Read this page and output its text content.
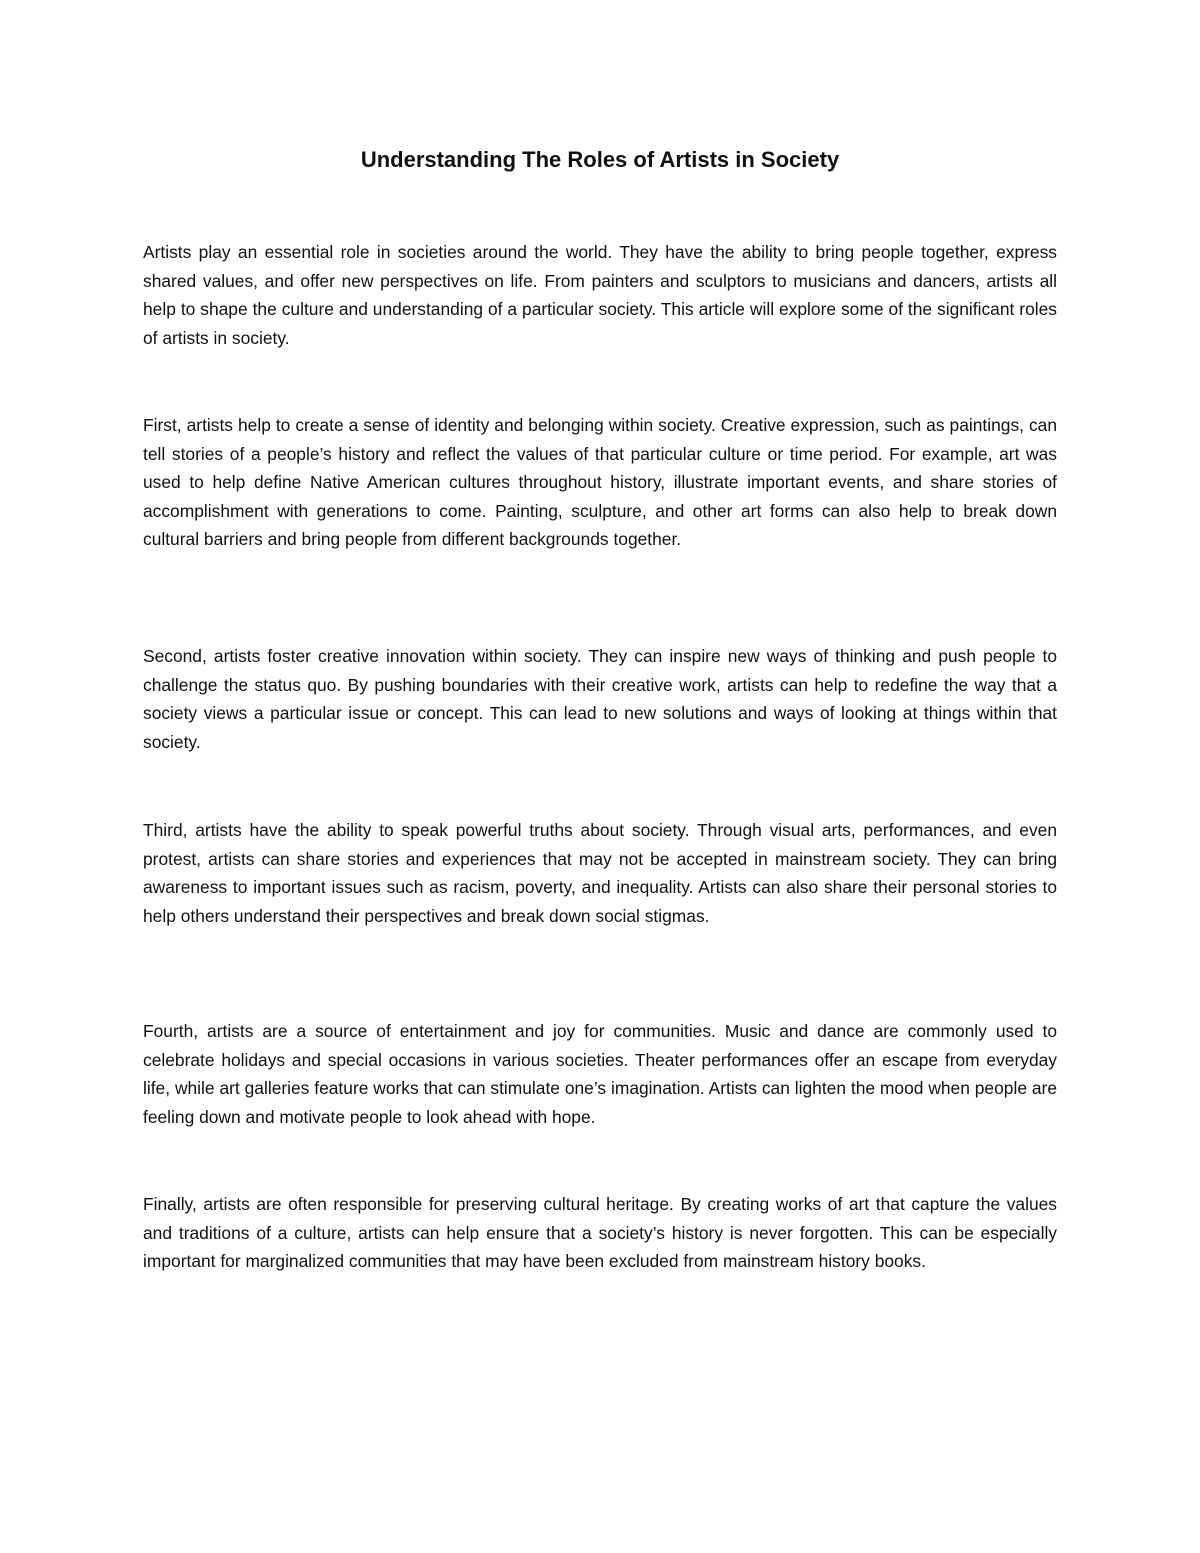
Understanding The Roles of Artists in Society

Artists play an essential role in societies around the world. They have the ability to bring people together, express shared values, and offer new perspectives on life. From painters and sculptors to musicians and dancers, artists all help to shape the culture and understanding of a particular society. This article will explore some of the significant roles of artists in society.

First, artists help to create a sense of identity and belonging within society. Creative expression, such as paintings, can tell stories of a people’s history and reflect the values of that particular culture or time period. For example, art was used to help define Native American cultures throughout history, illustrate important events, and share stories of accomplishment with generations to come. Painting, sculpture, and other art forms can also help to break down cultural barriers and bring people from different backgrounds together.

Second, artists foster creative innovation within society. They can inspire new ways of thinking and push people to challenge the status quo. By pushing boundaries with their creative work, artists can help to redefine the way that a society views a particular issue or concept. This can lead to new solutions and ways of looking at things within that society.

Third, artists have the ability to speak powerful truths about society. Through visual arts, performances, and even protest, artists can share stories and experiences that may not be accepted in mainstream society. They can bring awareness to important issues such as racism, poverty, and inequality. Artists can also share their personal stories to help others understand their perspectives and break down social stigmas.

Fourth, artists are a source of entertainment and joy for communities. Music and dance are commonly used to celebrate holidays and special occasions in various societies. Theater performances offer an escape from everyday life, while art galleries feature works that can stimulate one’s imagination. Artists can lighten the mood when people are feeling down and motivate people to look ahead with hope.

Finally, artists are often responsible for preserving cultural heritage. By creating works of art that capture the values and traditions of a culture, artists can help ensure that a society’s history is never forgotten. This can be especially important for marginalized communities that may have been excluded from mainstream history books.
